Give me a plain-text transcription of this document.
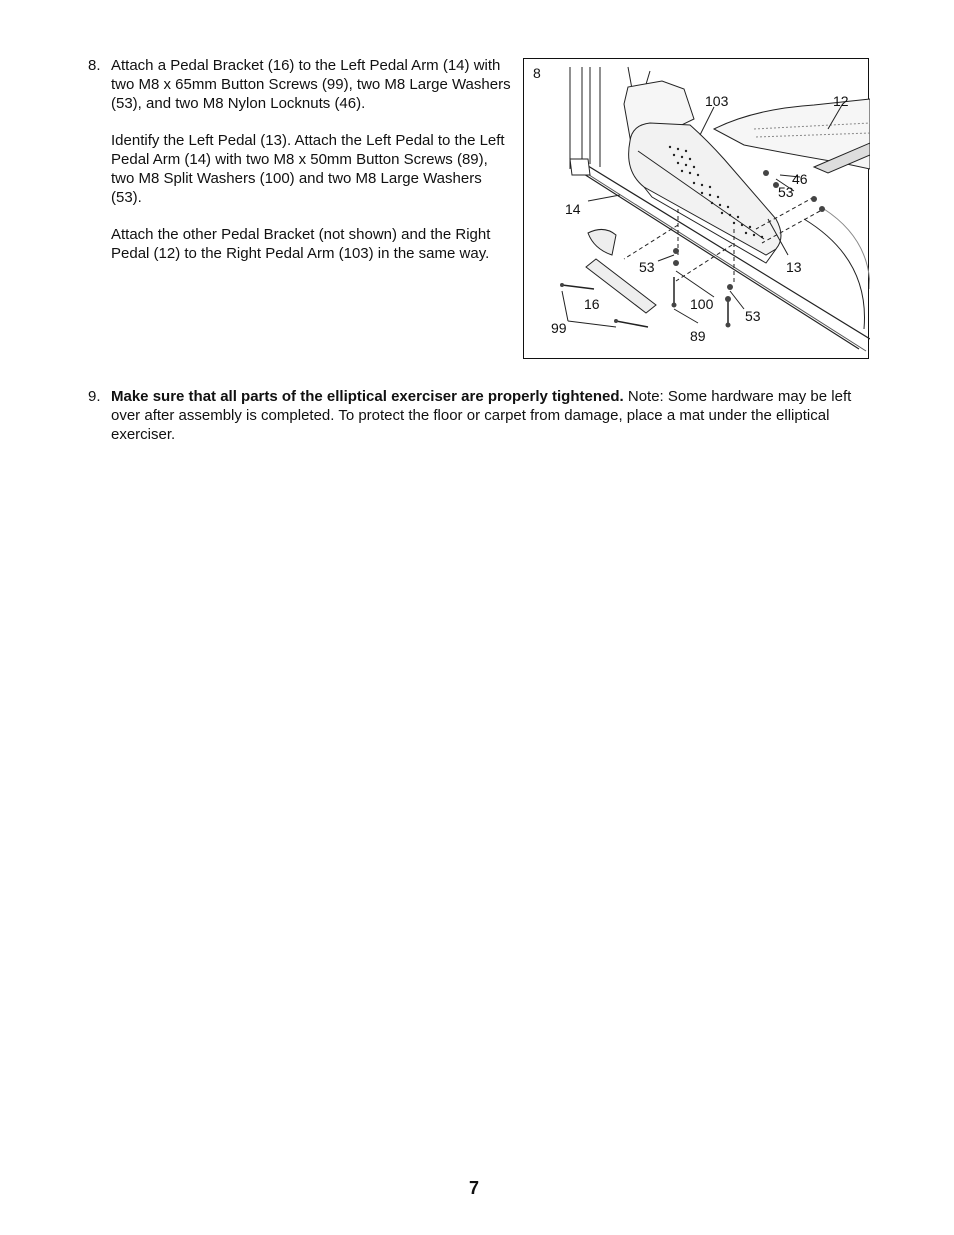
8. Attach a Pedal Bracket (16) to the Left Pedal Arm (14) with two M8 x 65mm Button Screws (99), two M8 Large Washers (53), and two M8 Nylon Locknuts (46).

Identify the Left Pedal (13). Attach the Left Pedal to the Left Pedal Arm (14) with two M8 x 50mm Button Screws (89), two M8 Split Washers (100) and two M8 Large Washers (53).

Attach the other Pedal Bracket (not shown) and the Right Pedal (12) to the Right Pedal Arm (103) in the same way.

8
103	12
46
53
14
13
53
16	100
53
99	89
9. Make sure that all parts of the elliptical exerciser are properly tightened. Note: Some hardware may be left over after assembly is completed. To protect the floor or carpet from damage, place a mat under the elliptical exerciser.
7
